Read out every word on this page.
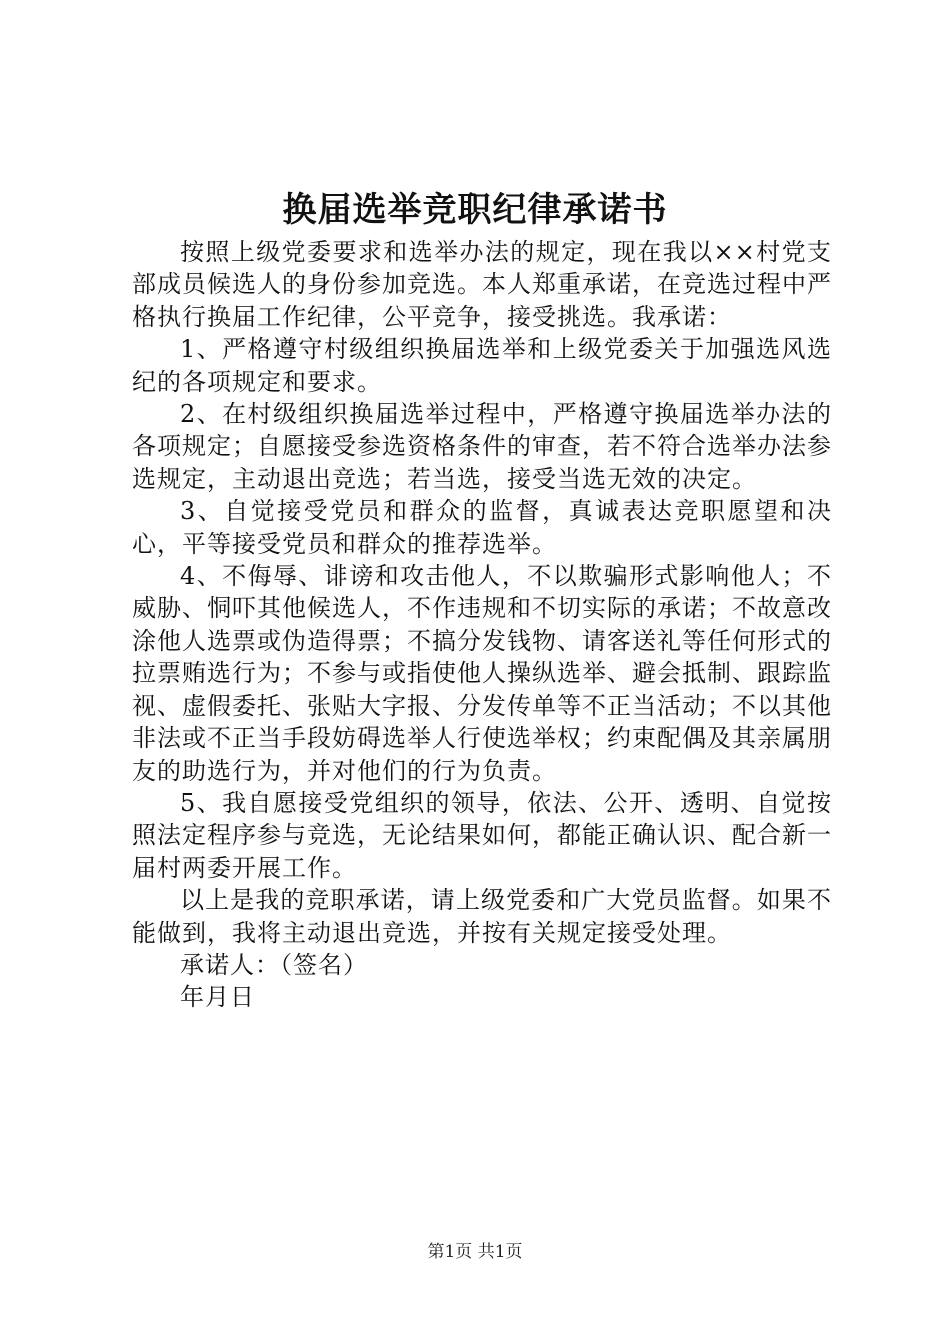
换届选举竞职纪律承诺书

按照上级党委要求和选举办法的规定，现在我以××村党支部成员候选人的身份参加竞选。本人郑重承诺，在竞选过程中严格执行换届工作纪律，公平竞争，接受挑选。我承诺：

1、严格遵守村级组织换届选举和上级党委关于加强选风选纪的各项规定和要求。

2、在村级组织换届选举过程中，严格遵守换届选举办法的各项规定；自愿接受参选资格条件的审查，若不符合选举办法参选规定，主动退出竞选；若当选，接受当选无效的决定。

3、自觉接受党员和群众的监督，真诚表达竞职愿望和决心，平等接受党员和群众的推荐选举。

4、不侮辱、诽谤和攻击他人，不以欺骗形式影响他人；不威胁、恫吓其他候选人，不作违规和不切实际的承诺；不故意改涂他人选票或伪造得票；不搞分发钱物、请客送礼等任何形式的拉票贿选行为；不参与或指使他人操纵选举、避会抵制、跟踪监视、虚假委托、张贴大字报、分发传单等不正当活动；不以其他非法或不正当手段妨碍选举人行使选举权；约束配偶及其亲属朋友的助选行为，并对他们的行为负责。

5、我自愿接受党组织的领导，依法、公开、透明、自觉按照法定程序参与竞选，无论结果如何，都能正确认识、配合新一届村两委开展工作。

以上是我的竞职承诺，请上级党委和广大党员监督。如果不能做到，我将主动退出竞选，并按有关规定接受处理。

承诺人：（签名）

年月日

第1页 共1页
